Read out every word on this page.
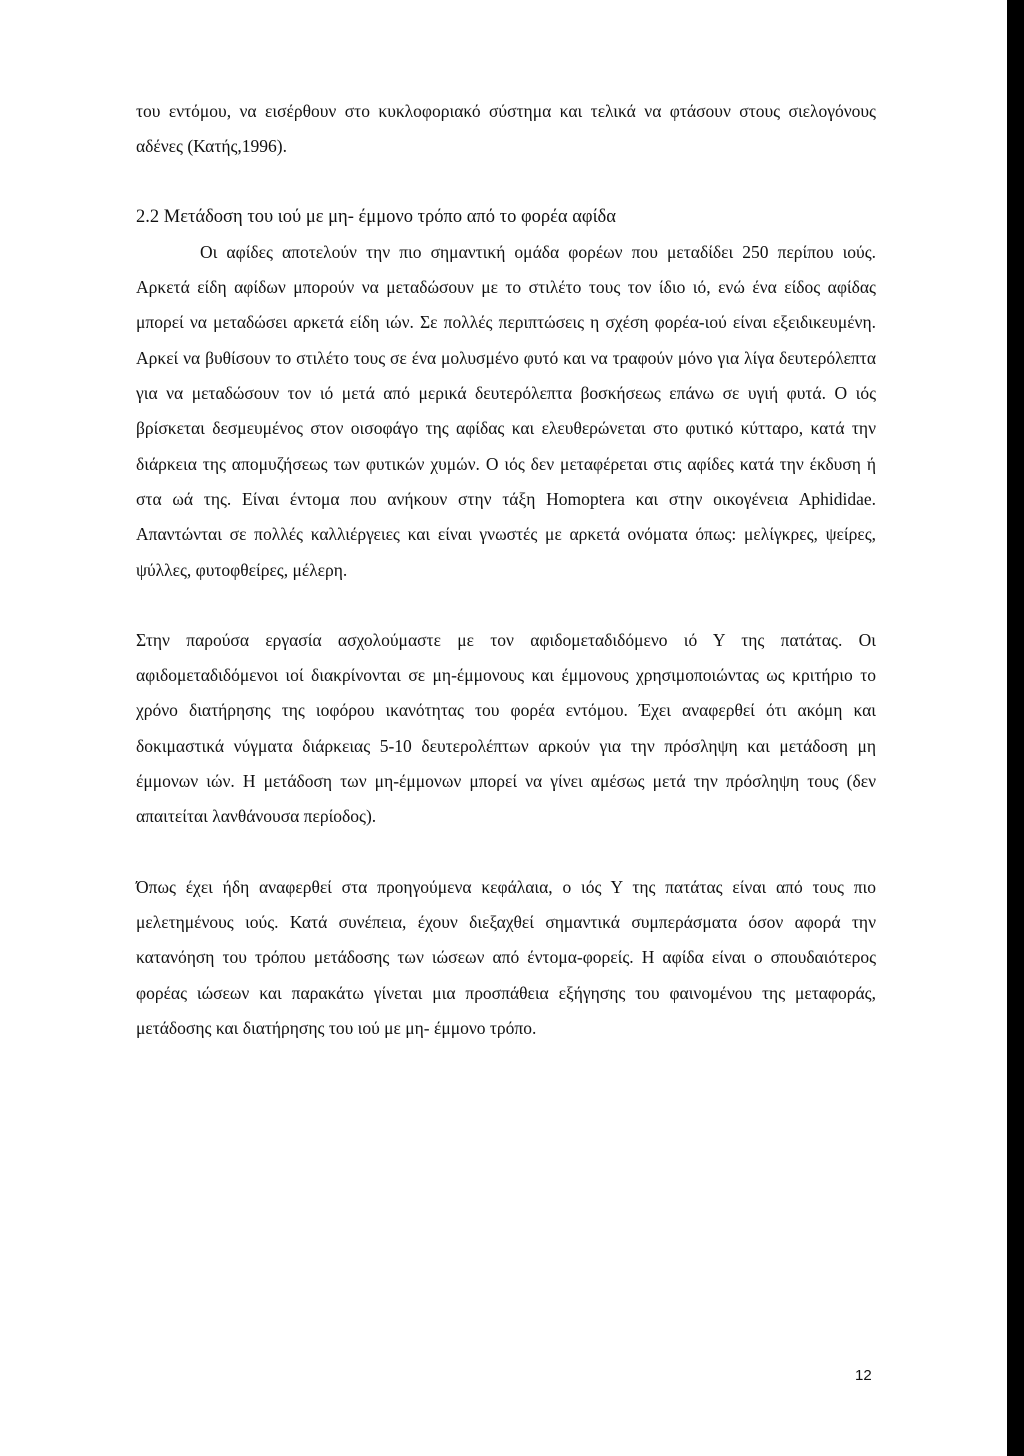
του εντόμου, να εισέρθουν στο κυκλοφοριακό σύστημα και τελικά να φτάσουν στους σιελογόνους αδένες (Κατής,1996).

2.2 Μετάδοση του ιού με μη- έμμονο τρόπο από το φορέα αφίδα

Οι αφίδες αποτελούν την πιο σημαντική ομάδα φορέων που μεταδίδει 250 περίπου ιούς. Αρκετά είδη αφίδων μπορούν να μεταδώσουν με το στιλέτο τους τον ίδιο ιό, ενώ ένα είδος αφίδας μπορεί να μεταδώσει αρκετά είδη ιών. Σε πολλές περιπτώσεις η σχέση φορέα-ιού είναι εξειδικευμένη. Αρκεί να βυθίσουν το στιλέτο τους σε ένα μολυσμένο φυτό και να τραφούν μόνο για λίγα δευτερόλεπτα για να μεταδώσουν τον ιό μετά από μερικά δευτερόλεπτα βοσκήσεως επάνω σε υγιή φυτά. Ο ιός βρίσκεται δεσμευμένος στον οισοφάγο της αφίδας και ελευθερώνεται στο φυτικό κύτταρο, κατά την διάρκεια της απομυζήσεως των φυτικών χυμών. Ο ιός δεν μεταφέρεται στις αφίδες κατά την έκδυση ή στα ωά της. Είναι έντομα που ανήκουν στην τάξη Homoptera και στην οικογένεια Aphididae. Απαντώνται σε πολλές καλλιέργειες και είναι γνωστές με αρκετά ονόματα όπως: μελίγκρες, ψείρες, ψύλλες, φυτοφθείρες, μέλερη.

Στην παρούσα εργασία ασχολούμαστε με τον αφιδομεταδιδόμενο ιό Υ της πατάτας. Οι αφιδομεταδιδόμενοι ιοί διακρίνονται σε μη-έμμονους και έμμονους χρησιμοποιώντας ως κριτήριο το χρόνο διατήρησης της ιοφόρου ικανότητας του φορέα εντόμου. Έχει αναφερθεί ότι ακόμη και δοκιμαστικά νύγματα διάρκειας 5-10 δευτερολέπτων αρκούν για την πρόσληψη και μετάδοση μη έμμονων ιών. Η μετάδοση των μη-έμμονων μπορεί να γίνει αμέσως μετά την πρόσληψη τους (δεν απαιτείται λανθάνουσα περίοδος).

Όπως έχει ήδη αναφερθεί στα προηγούμενα κεφάλαια, ο ιός Υ της πατάτας είναι από τους πιο μελετημένους ιούς. Κατά συνέπεια, έχουν διεξαχθεί σημαντικά συμπεράσματα όσον αφορά την κατανόηση του τρόπου μετάδοσης των ιώσεων από έντομα-φορείς. Η αφίδα είναι ο σπουδαιότερος φορέας ιώσεων και παρακάτω γίνεται μια προσπάθεια εξήγησης του φαινομένου της μεταφοράς, μετάδοσης και διατήρησης του ιού με μη- έμμονο τρόπο.

12
